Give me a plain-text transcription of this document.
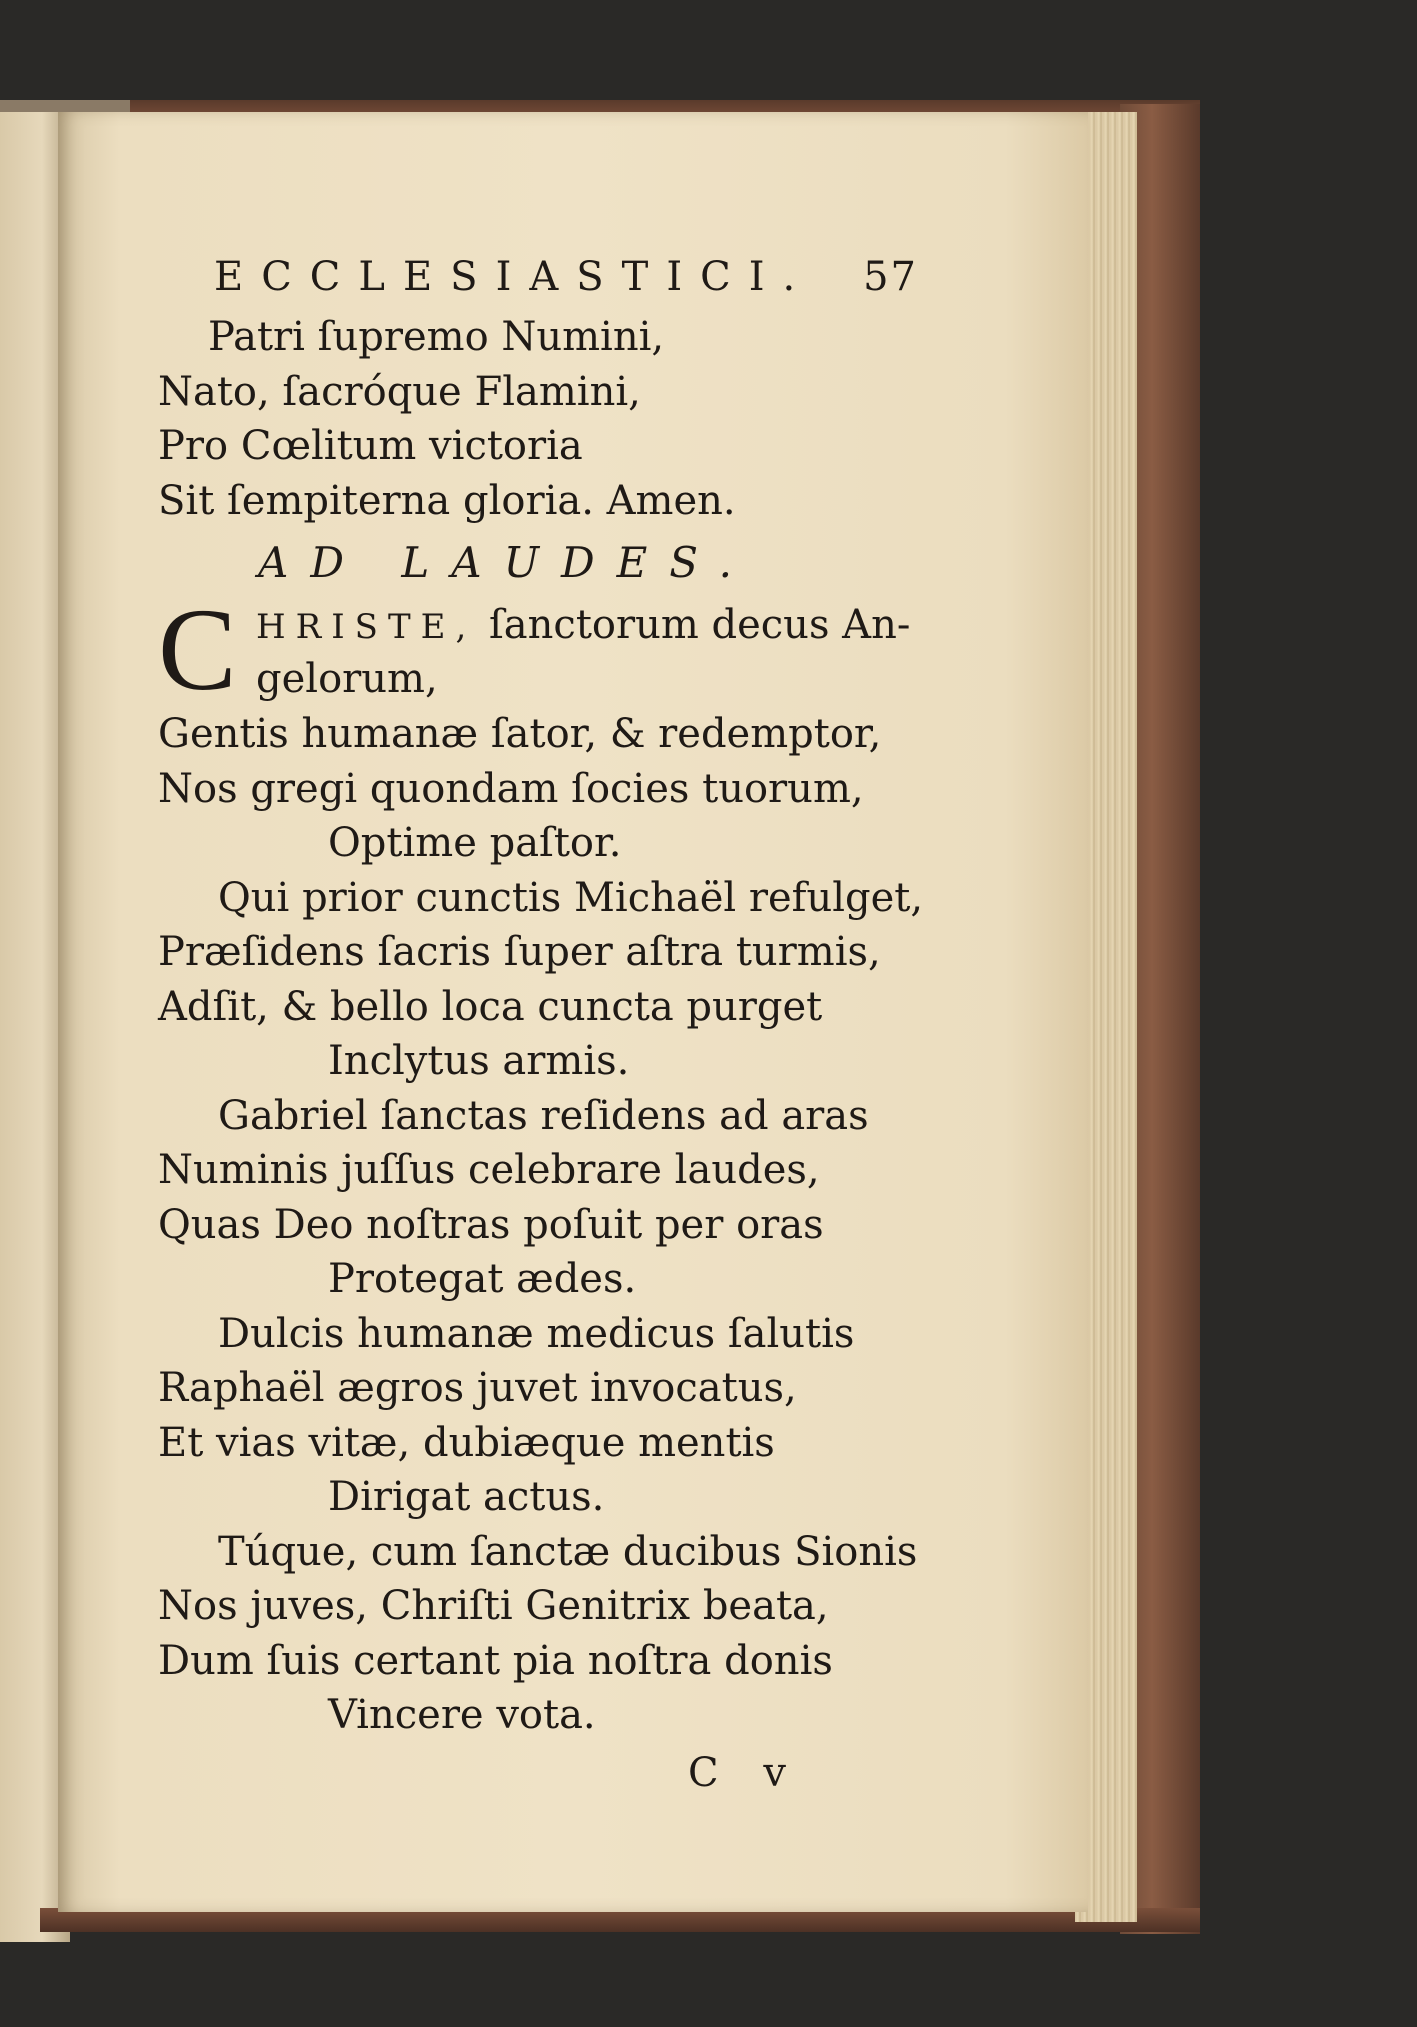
ECCLESIASTICI. 57
Patri ſupremo Numini,
Nato, ſacróque Flamini,
Pro Cœlitum victoria
Sit ſempiterna gloria. Amen.
AD LAUDES.
C HRISTE, ſanctorum decus An-
gelorum,
Gentis humanæ ſator, & redemptor,
Nos gregi quondam ſocies tuorum,
Optime paſtor.
Qui prior cunctis Michaël refulget,
Præſidens ſacris ſuper aſtra turmis,
Adſit, & bello loca cuncta purget
Inclytus armis.
Gabriel ſanctas reſidens ad aras
Numinis juſſus celebrare laudes,
Quas Deo noſtras poſuit per oras
Protegat ædes.
Dulcis humanæ medicus ſalutis
Raphaël ægros juvet invocatus,
Et vias vitæ, dubiæque mentis
Dirigat actus.
Túque, cum ſanctæ ducibus Sionis
Nos juves, Chriſti Genitrix beata,
Dum ſuis certant pia noſtra donis
Vincere vota.
C v
